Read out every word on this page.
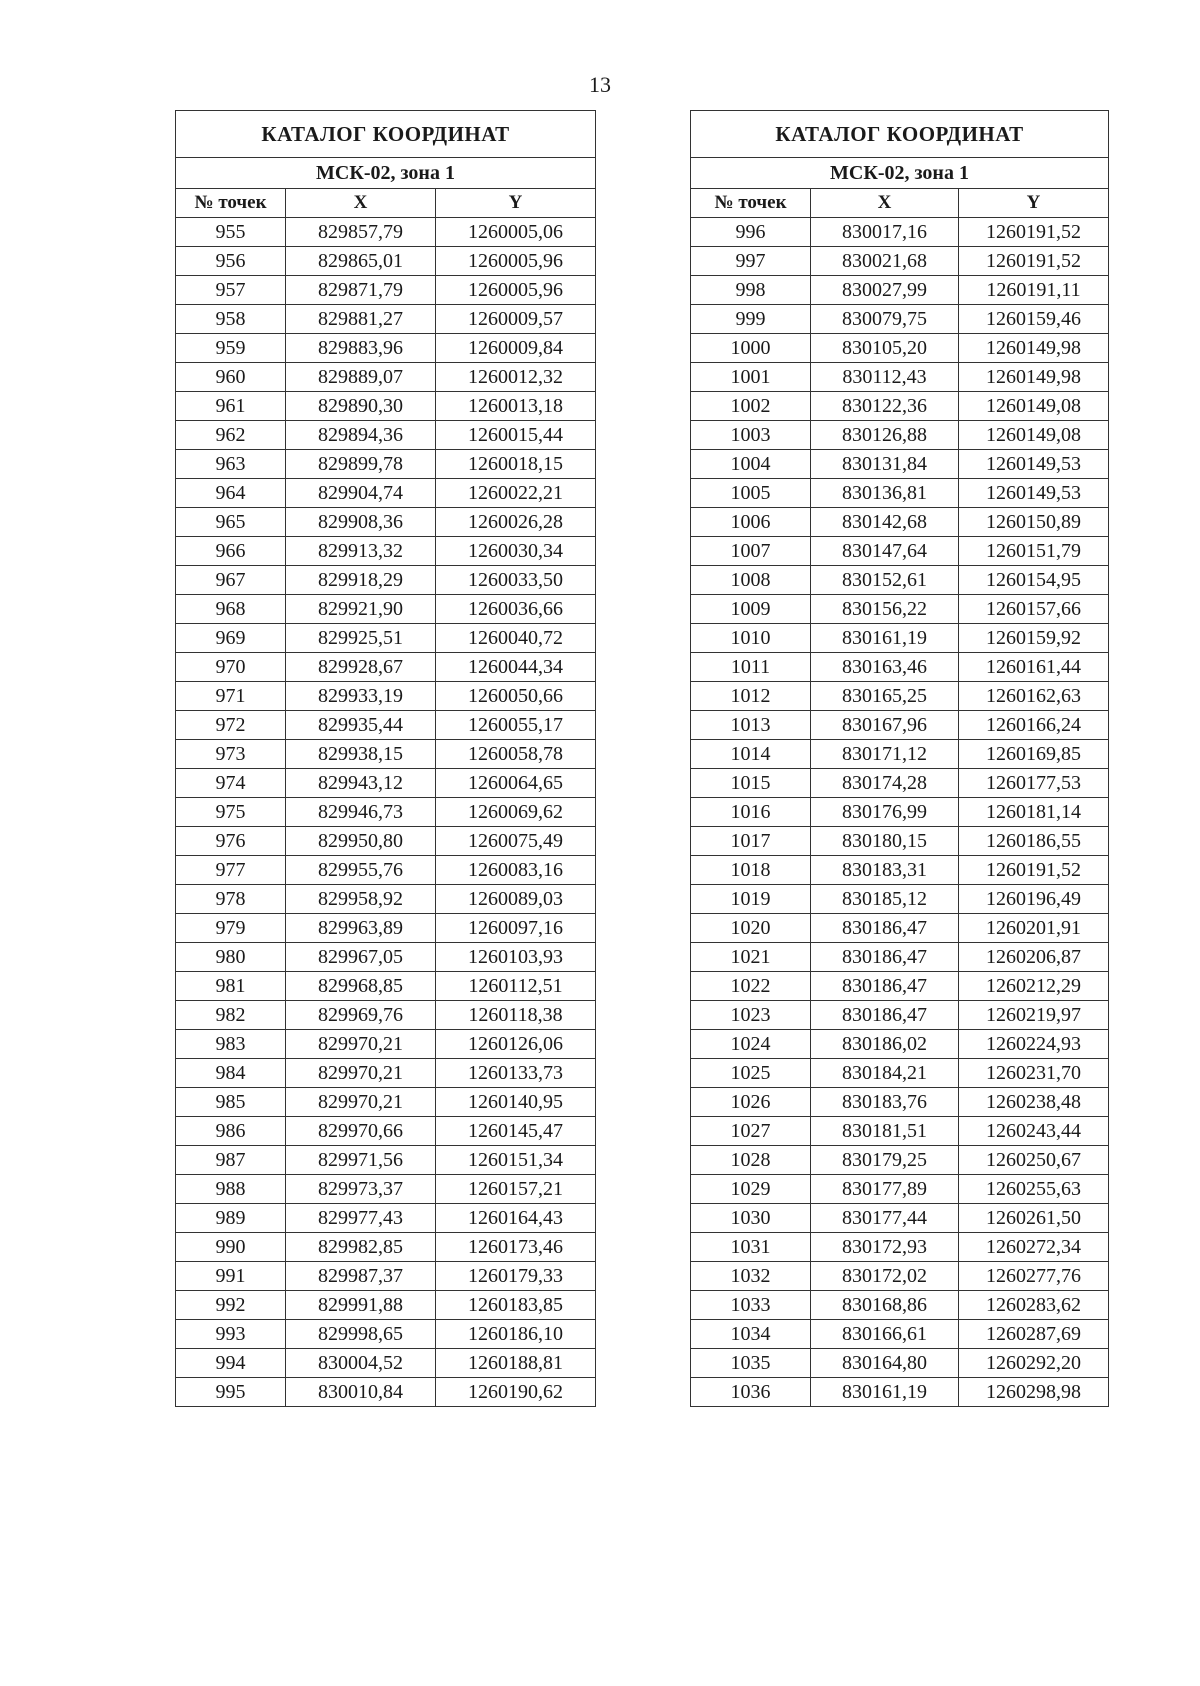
13
КАТАЛОГ КООРДИНАТ		
МСК-02, зона 1		
№ точек	X	Y
955	829857,79	1260005,06
956	829865,01	1260005,96
957	829871,79	1260005,96
958	829881,27	1260009,57
959	829883,96	1260009,84
960	829889,07	1260012,32
961	829890,30	1260013,18
962	829894,36	1260015,44
963	829899,78	1260018,15
964	829904,74	1260022,21
965	829908,36	1260026,28
966	829913,32	1260030,34
967	829918,29	1260033,50
968	829921,90	1260036,66
969	829925,51	1260040,72
970	829928,67	1260044,34
971	829933,19	1260050,66
972	829935,44	1260055,17
973	829938,15	1260058,78
974	829943,12	1260064,65
975	829946,73	1260069,62
976	829950,80	1260075,49
977	829955,76	1260083,16
978	829958,92	1260089,03
979	829963,89	1260097,16
980	829967,05	1260103,93
981	829968,85	1260112,51
982	829969,76	1260118,38
983	829970,21	1260126,06
984	829970,21	1260133,73
985	829970,21	1260140,95
986	829970,66	1260145,47
987	829971,56	1260151,34
988	829973,37	1260157,21
989	829977,43	1260164,43
990	829982,85	1260173,46
991	829987,37	1260179,33
992	829991,88	1260183,85
993	829998,65	1260186,10
994	830004,52	1260188,81
995	830010,84	1260190,62
КАТАЛОГ КООРДИНАТ		
МСК-02, зона 1		
№ точек	X	Y
996	830017,16	1260191,52
997	830021,68	1260191,52
998	830027,99	1260191,11
999	830079,75	1260159,46
1000	830105,20	1260149,98
1001	830112,43	1260149,98
1002	830122,36	1260149,08
1003	830126,88	1260149,08
1004	830131,84	1260149,53
1005	830136,81	1260149,53
1006	830142,68	1260150,89
1007	830147,64	1260151,79
1008	830152,61	1260154,95
1009	830156,22	1260157,66
1010	830161,19	1260159,92
1011	830163,46	1260161,44
1012	830165,25	1260162,63
1013	830167,96	1260166,24
1014	830171,12	1260169,85
1015	830174,28	1260177,53
1016	830176,99	1260181,14
1017	830180,15	1260186,55
1018	830183,31	1260191,52
1019	830185,12	1260196,49
1020	830186,47	1260201,91
1021	830186,47	1260206,87
1022	830186,47	1260212,29
1023	830186,47	1260219,97
1024	830186,02	1260224,93
1025	830184,21	1260231,70
1026	830183,76	1260238,48
1027	830181,51	1260243,44
1028	830179,25	1260250,67
1029	830177,89	1260255,63
1030	830177,44	1260261,50
1031	830172,93	1260272,34
1032	830172,02	1260277,76
1033	830168,86	1260283,62
1034	830166,61	1260287,69
1035	830164,80	1260292,20
1036	830161,19	1260298,98
